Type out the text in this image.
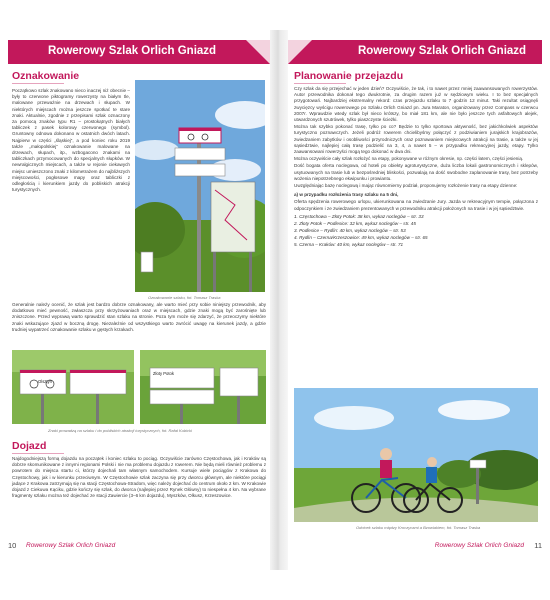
Rowerowy Szlak Orlich Gniazd
Oznakowanie

Początkowo szlak znakowano nieco inaczej niż obecnie – były to czerwone piktogramy rowerzysty na białym tle, malowane przeważnie na drzewach i słupach. W niektórych miejscach można jeszcze spotkać te stare znaki. Aktualnie, zgodnie z przepisami szlak oznaczony za pomocą znaków typu R1 – prostokątnych białych tabliczek z pasek kolorowy czerwonego (symbol). Gruntowny odnowa dokonano w ostatnich dwóch latach. Najpierw w części „śląskiej”, a pod koniec roku 2019 także „małopolskiej” oznakowanie malowane na drzewach, słupach, itp., wzbogacono znakami na tabliczkach przymocowanych do specjalnych słupków. W newralgicznych miejscach, a także w rejonie ciekawych miejsc umieszczono znaki z kilometrażem do najbliższych miejscowości, pogłosowe mapy oraz tabliczki z odległością i kierunkiem jazdy do pobliskich atrakcji turystycznych.

Oznakowanie szlaku, fot. Tomasz Traska

Generalnie należy ocenić, że szlak jest bardzo dobrze oznakowany, ale warto mieć przy sobie niniejszy przewodnik, aby dodatkowo mieć pewność, zwłaszcza przy skrzyżowaniach oraz w miejscach, gdzie znaki mogą być zarośnięte lub zniszczone. Przed wyprawą warto sprawdzić stan szlaku na stronie. Poza tym może się zdarzyć, że przeoczymy niektóre znaki wskazujące zjazd w boczną drogę. Niezależnie od wszystkiego warto zwrócić uwagę na kierunek jazdy, a gdzie trudniej wypatrzeć oznakowanie szlaku w gęstych krzakach.

Olsztyn
Złoty Potok
Znaki prowadzą na szlaku i do pobliskich atrakcji turystycznych, fot. Rafał Kubicki
Dojazd

Najdogodniejszą formą dojazdu na początek i koniec szlaku to pociąg. Oczywiście zarówno Częstochowa, jak i Kraków są dobrze skomunikowane z innymi regionami Polski i nie ma problemu dojazdu z rowerem. Nie będą mieli również problemu z powrotem do miejsca startu ci, którzy dojechali tam własnym samochodem. Kursuje wiele pociągów z Krakowa do Częstochowy, jak i w kierunku przeciwnym. W Częstochowie szlak zaczyna się przy dworcu głównym, ale niektóre pociągi jadące z Krakowa zatrzymują się na stacji Częstochowa-Stradom, więc należy dojechać do centrum około 2 km. W Krakowie dojazd z Ciekuwa Kąciku, gdzie kończy się szlak, do dworca (najlepiej przez Rynek Główny) to niespełna 4 km. Na wybrane fragmenty szlaku można też dojechać ze stacji Zawiercie (3–6 km dojazdu), Myszków, Olkusz, Krzeszowice.

10 Rowerowy Szlak Orlich Gniazd
Rowerowy Szlak Orlich Gniazd
Planowanie przejazdu

Czy szlak da się przejechać w jeden dzień? Oczywiście, że tak, i to nawet przez mniej zaawansowanych rowerzystów. Autor przewodnika dokonał tego dwukrotnie, za drugim razem już w sędziowym wieku. I to bez specjalnych przygotowań. Najbardziej ekstremalny rekord: czas przejazdu szlaku to 7 godzin 12 minut. Taki rezultat osiągnęli zwycięzcy wyścigu rowerowego po Szlaku Orlich Gniazd pn. Jura Maraton, organizowany przez Compass w czerwcu 2007r. Wprawdzie wtedy szlak był nieco krótszy, bo miał 181 km, ale nie było jeszcze tych asfaltowych alejek, utwardzonych szutrówek, tylko piaszczyste ścieżki.

Można tak szybko pokonać trasę, tylko po co? Będzie to tylko sportowa aktywność, bez jakichkolwiek aspektów turystyczno poznawczych. Jeżeli podróż rowerem chcielibyśmy połączyć z podziwianiem jurajskich krajobrazów, zwiedzaniem zabytków i osobliwości przyrodniczych oraz poznawaniem miejscowych atrakcji na trasie, a także w jej sąsiedztwie, najlepiej całą trasę podzielić na 3, 4, a nawet 5 – w przypadku rekreacyjnej jazdy, etapy. Tylko zaawansowani rowerzyści mogą tego dokonać w dwa dni.

Można oczywiście cały szlak rozłożyć na etapy, pokonywane w różnym okresie, np. części łatem, części jesienią.

Dość bogata oferta noclegowa, od hoteli po obiekty agroturystyczne, duża liczba lokali gastronomicznych i sklepów, usytuowanych na trasie lub w bezpośredniej bliskości, pozwalają na dość swobodne zaplanowanie trasy, bez potrzeby wożenia niepotrzebnego ekwipunku i prowiantu.

Uwzględniając bazę noclegową i mając równomierny podział, proponujemy rozłożenie trasy na etapy dzienne:

a) w przypadku rozłożenia trasy szlaku na 5 dni,

Oferta spędzenia rowerowego urlopu, ukierunkowana na zwiedzanie Jury. Jazda w rekreacyjnym tempie, połączona z odpoczynkiem i ze zwiedzaniem prezentowanych w przewodniku atrakcji położonych na trasie i w jej sąsiedztwie.

1. Częstochowa – Złoty Potok: 38 km, wykaz noclegów – str. 33
2. Złoty Potok – Podlesice: 32 km, wykaz noclegów – str. 45
3. Podlesice – Rydlin: 40 km, wykaz noclegów – str. 53
4. Rydlin – Czerna/Krzeszowice: 49 km, wykaz noclegów – str. 65
5. Czerna – Kraków: 40 km, wykaz noclegów – str. 71
Odcinek szlaku między Kroczycami a Bzowiakiem, fot. Tomasz Traska
Rowerowy Szlak Orlich Gniazd 11
